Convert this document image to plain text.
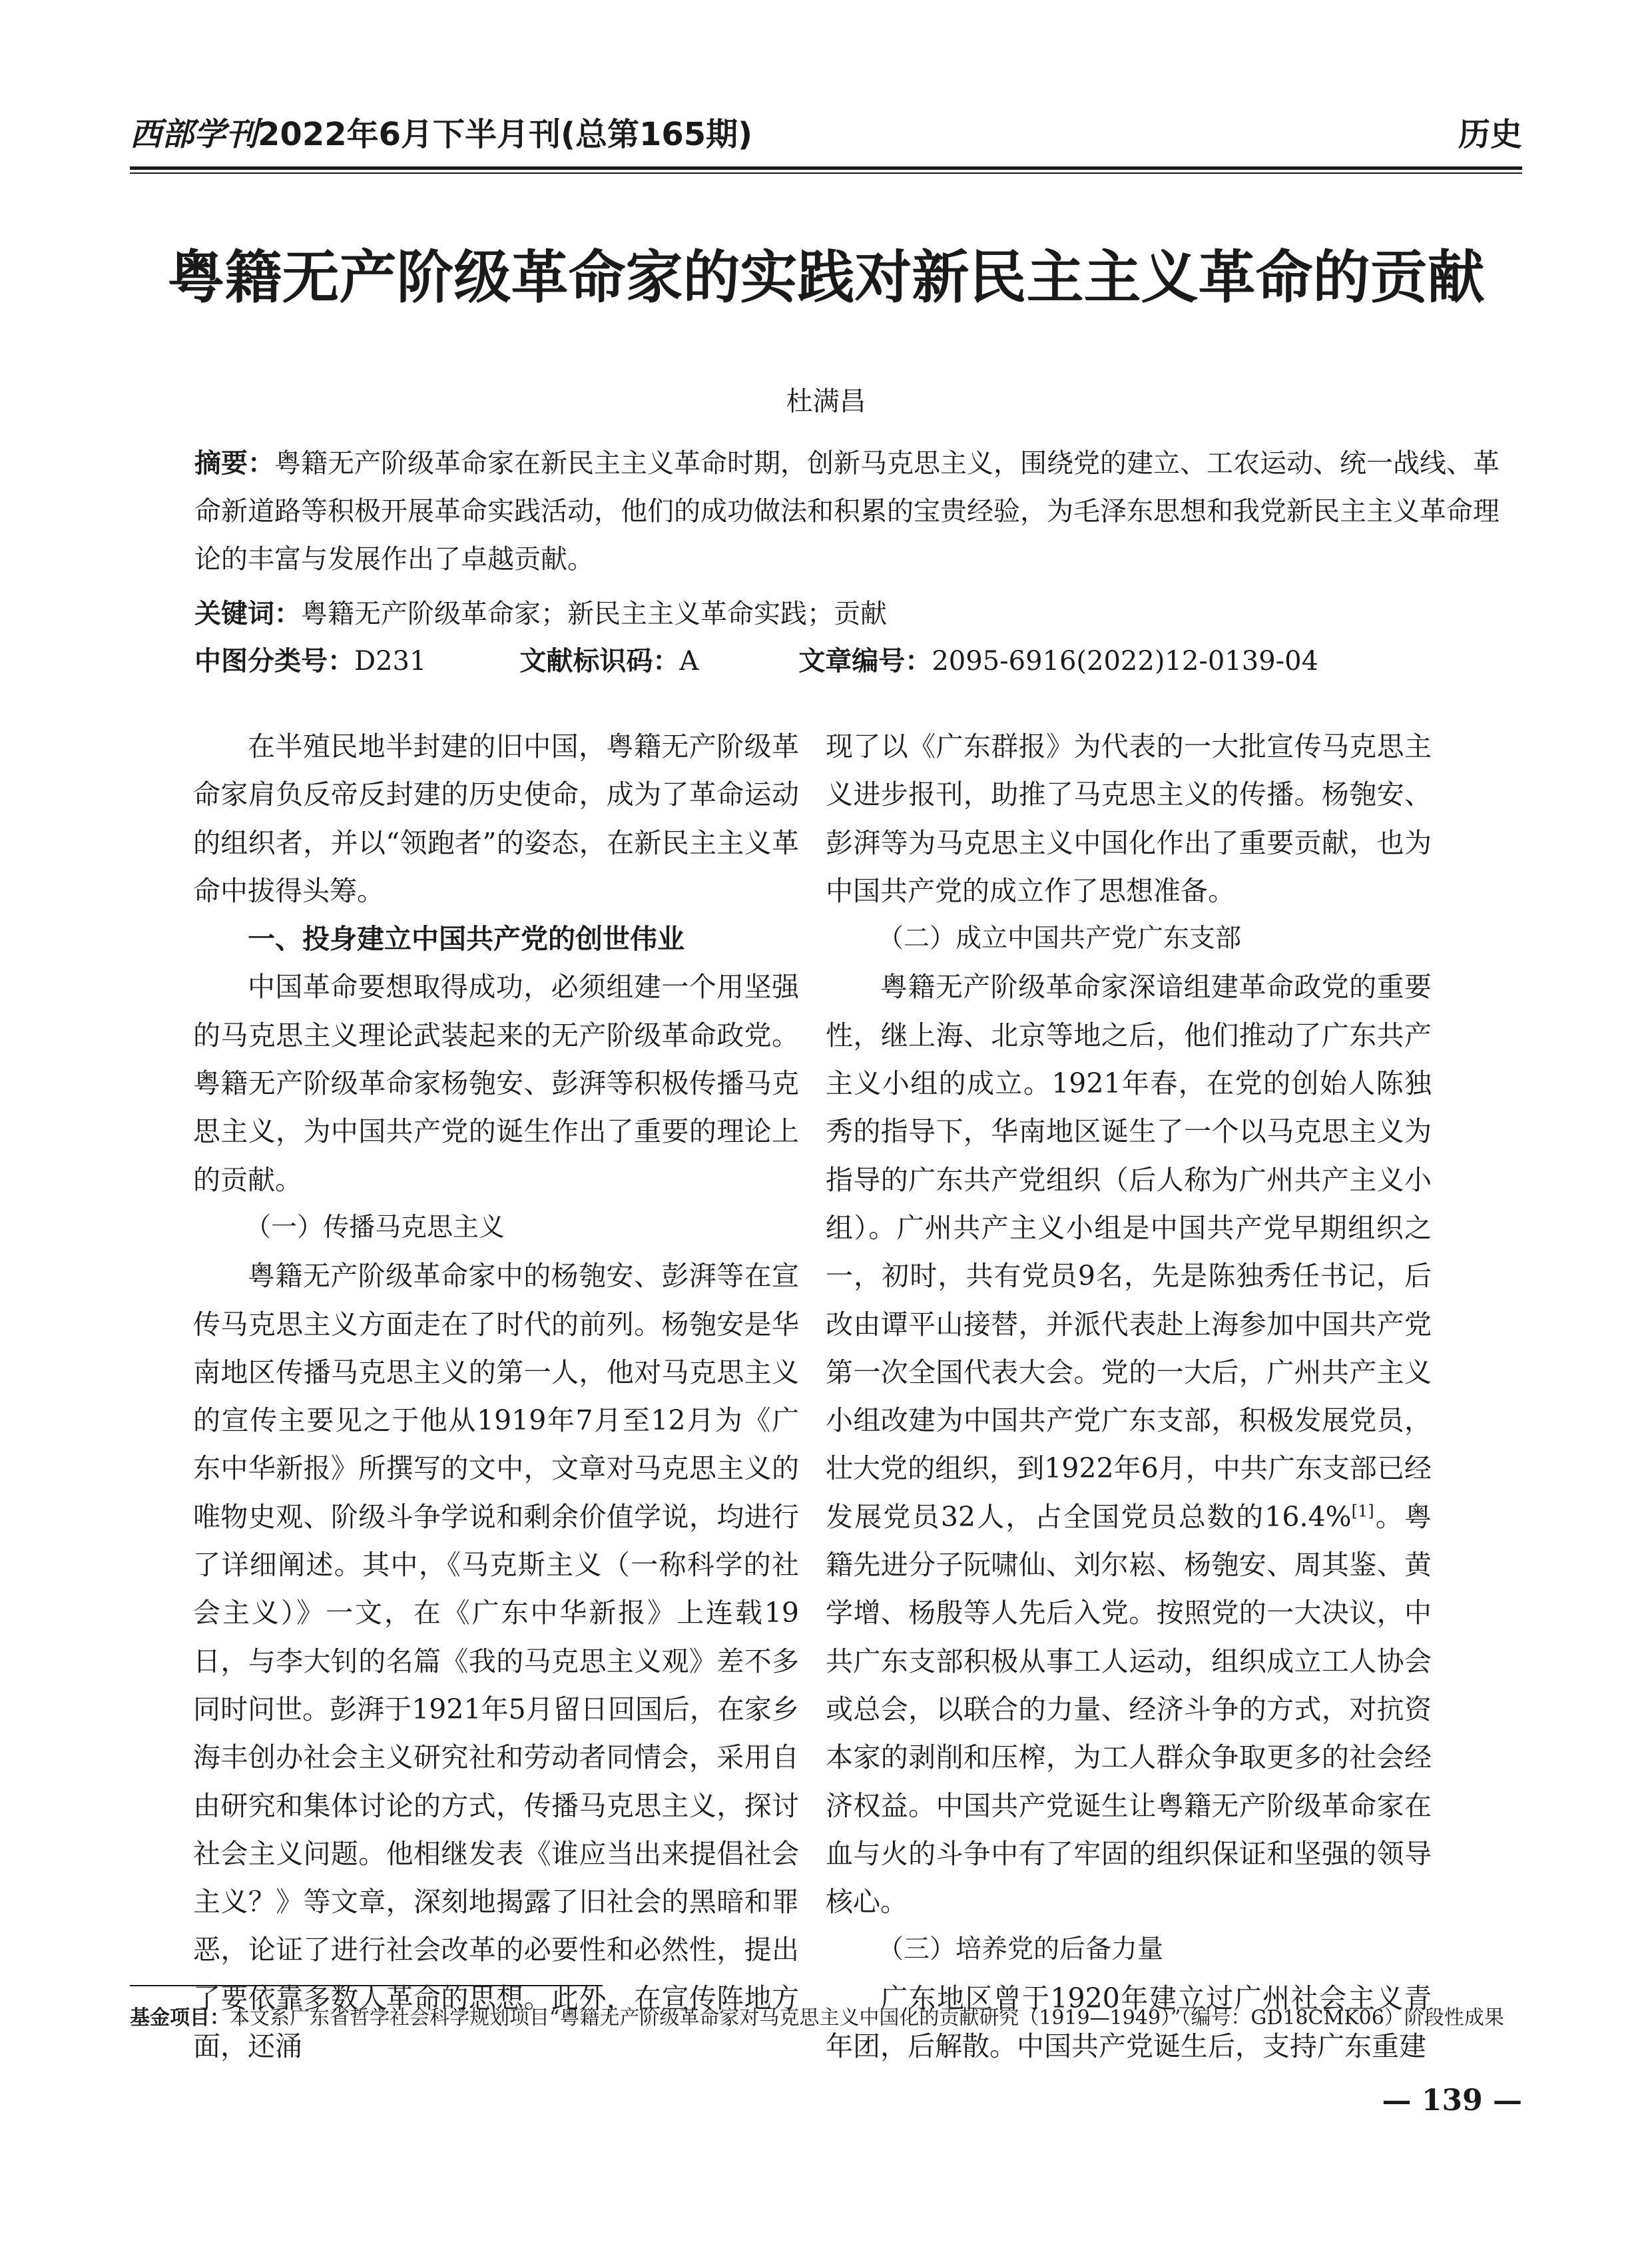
西部学刊2022年6月下半月刊(总第165期)	历史
粤籍无产阶级革命家的实践对新民主主义革命的贡献
杜满昌
摘要：粤籍无产阶级革命家在新民主主义革命时期，创新马克思主义，围绕党的建立、工农运动、统一战线、革命新道路等积极开展革命实践活动，他们的成功做法和积累的宝贵经验，为毛泽东思想和我党新民主主义革命理论的丰富与发展作出了卓越贡献。
关键词：粤籍无产阶级革命家；新民主主义革命实践；贡献
中图分类号：D231	文献标识码：A	文章编号：2095-6916(2022)12-0139-04

在半殖民地半封建的旧中国，粤籍无产阶级革命家肩负反帝反封建的历史使命，成为了革命运动的组织者，并以“领跑者”的姿态，在新民主主义革命中拔得头筹。

一、投身建立中国共产党的创世伟业

中国革命要想取得成功，必须组建一个用坚强的马克思主义理论武装起来的无产阶级革命政党。粤籍无产阶级革命家杨匏安、彭湃等积极传播马克思主义，为中国共产党的诞生作出了重要的理论上的贡献。

（一）传播马克思主义

粤籍无产阶级革命家中的杨匏安、彭湃等在宣传马克思主义方面走在了时代的前列。杨匏安是华南地区传播马克思主义的第一人，他对马克思主义的宣传主要见之于他从1919年7月至12月为《广东中华新报》所撰写的文中，文章对马克思主义的唯物史观、阶级斗争学说和剩余价值学说，均进行了详细阐述。其中，《马克斯主义（一称科学的社会主义）》一文，在《广东中华新报》上连载19日，与李大钊的名篇《我的马克思主义观》差不多同时问世。彭湃于1921年5月留日回国后，在家乡海丰创办社会主义研究社和劳动者同情会，采用自由研究和集体讨论的方式，传播马克思主义，探讨社会主义问题。他相继发表《谁应当出来提倡社会主义？》等文章，深刻地揭露了旧社会的黑暗和罪恶，论证了进行社会改革的必要性和必然性，提出了要依靠多数人革命的思想。此外，在宣传阵地方面，还涌

现了以《广东群报》为代表的一大批宣传马克思主义进步报刊，助推了马克思主义的传播。杨匏安、彭湃等为马克思主义中国化作出了重要贡献，也为中国共产党的成立作了思想准备。

（二）成立中国共产党广东支部

粤籍无产阶级革命家深谙组建革命政党的重要性，继上海、北京等地之后，他们推动了广东共产主义小组的成立。1921年春，在党的创始人陈独秀的指导下，华南地区诞生了一个以马克思主义为指导的广东共产党组织（后人称为广州共产主义小组）。广州共产主义小组是中国共产党早期组织之一，初时，共有党员9名，先是陈独秀任书记，后改由谭平山接替，并派代表赴上海参加中国共产党第一次全国代表大会。党的一大后，广州共产主义小组改建为中国共产党广东支部，积极发展党员，壮大党的组织，到1922年6月，中共广东支部已经发展党员32人，占全国党员总数的16.4%[1]。粤籍先进分子阮啸仙、刘尔崧、杨匏安、周其鉴、黄学增、杨殷等人先后入党。按照党的一大决议，中共广东支部积极从事工人运动，组织成立工人协会或总会，以联合的力量、经济斗争的方式，对抗资本家的剥削和压榨，为工人群众争取更多的社会经济权益。中国共产党诞生让粤籍无产阶级革命家在血与火的斗争中有了牢固的组织保证和坚强的领导核心。

（三）培养党的后备力量

广东地区曾于1920年建立过广州社会主义青年团，后解散。中国共产党诞生后，支持广东重建

基金项目：本文系广东省哲学社会科学规划项目“粤籍无产阶级革命家对马克思主义中国化的贡献研究（1919—1949）”（编号：GD18CMK06）阶段性成果
— 139 —
